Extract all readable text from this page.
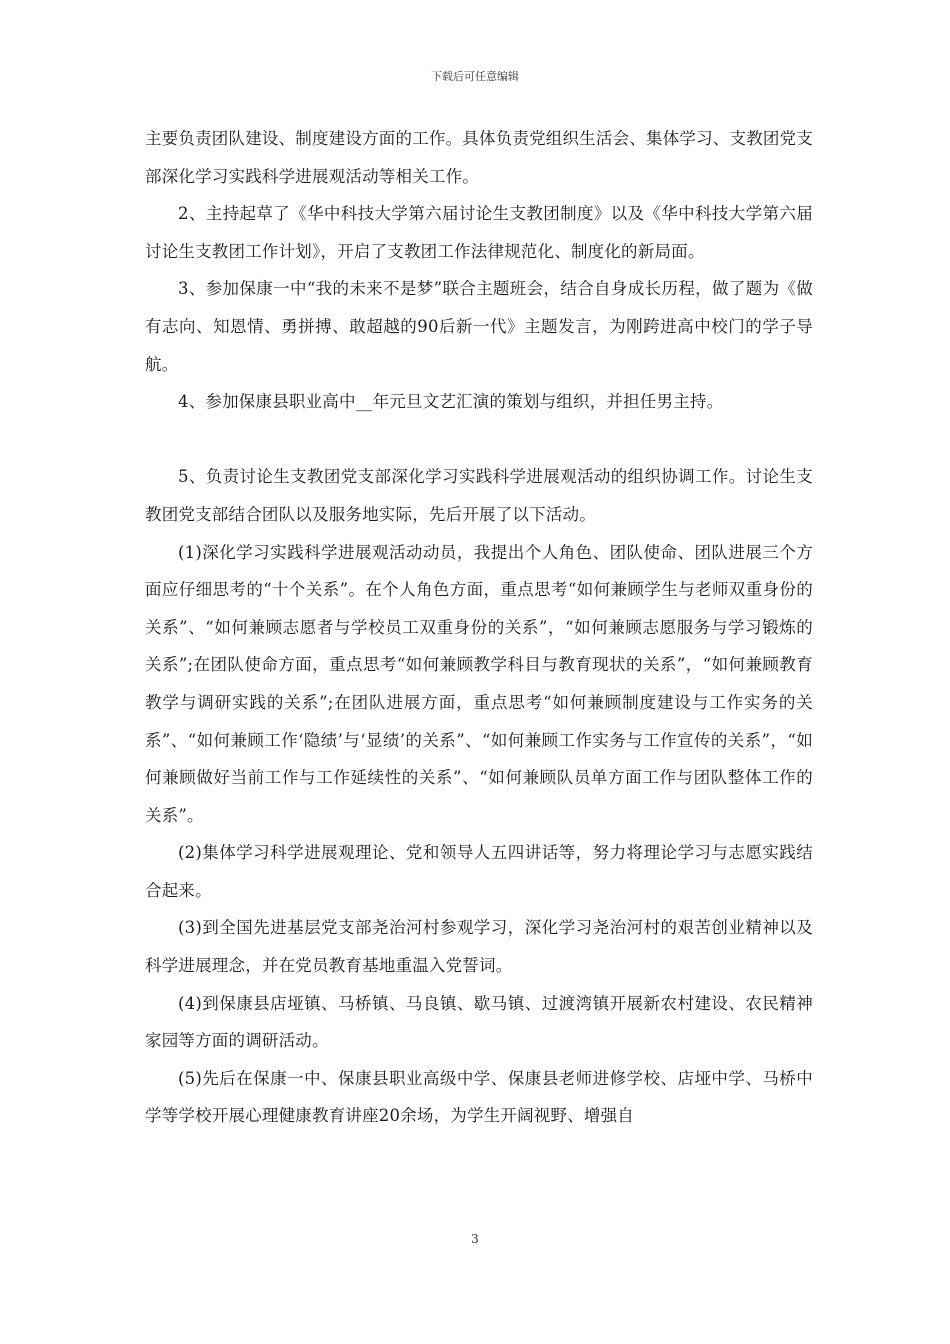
下载后可任意编辑

主要负责团队建设、制度建设方面的工作。具体负责党组织生活会、集体学习、支教团党支部深化学习实践科学进展观活动等相关工作。

2、主持起草了《华中科技大学第六届讨论生支教团制度》以及《华中科技大学第六届讨论生支教团工作计划》，开启了支教团工作法律规范化、制度化的新局面。

3、参加保康一中“我的未来不是梦”联合主题班会，结合自身成长历程，做了题为《做有志向、知恩情、勇拼搏、敢超越的90后新一代》主题发言，为刚跨进高中校门的学子导航。

4、参加保康县职业高中__年元旦文艺汇演的策划与组织，并担任男主持。

5、负责讨论生支教团党支部深化学习实践科学进展观活动的组织协调工作。讨论生支教团党支部结合团队以及服务地实际，先后开展了以下活动。

(1)深化学习实践科学进展观活动动员，我提出个人角色、团队使命、团队进展三个方面应仔细思考的“十个关系”。在个人角色方面，重点思考“如何兼顾学生与老师双重身份的关系”、“如何兼顾志愿者与学校员工双重身份的关系”，“如何兼顾志愿服务与学习锻炼的关系”;在团队使命方面，重点思考“如何兼顾教学科目与教育现状的关系”，“如何兼顾教育教学与调研实践的关系”;在团队进展方面，重点思考“如何兼顾制度建设与工作实务的关系”、“如何兼顾工作‘隐绩’与‘显绩’的关系”、“如何兼顾工作实务与工作宣传的关系”，“如何兼顾做好当前工作与工作延续性的关系”、“如何兼顾队员单方面工作与团队整体工作的关系”。

(2)集体学习科学进展观理论、党和领导人五四讲话等，努力将理论学习与志愿实践结合起来。

(3)到全国先进基层党支部尧治河村参观学习，深化学习尧治河村的艰苦创业精神以及科学进展理念，并在党员教育基地重温入党誓词。

(4)到保康县店垭镇、马桥镇、马良镇、歇马镇、过渡湾镇开展新农村建设、农民精神家园等方面的调研活动。

(5)先后在保康一中、保康县职业高级中学、保康县老师进修学校、店垭中学、马桥中学等学校开展心理健康教育讲座20余场，为学生开阔视野、增强自

3
